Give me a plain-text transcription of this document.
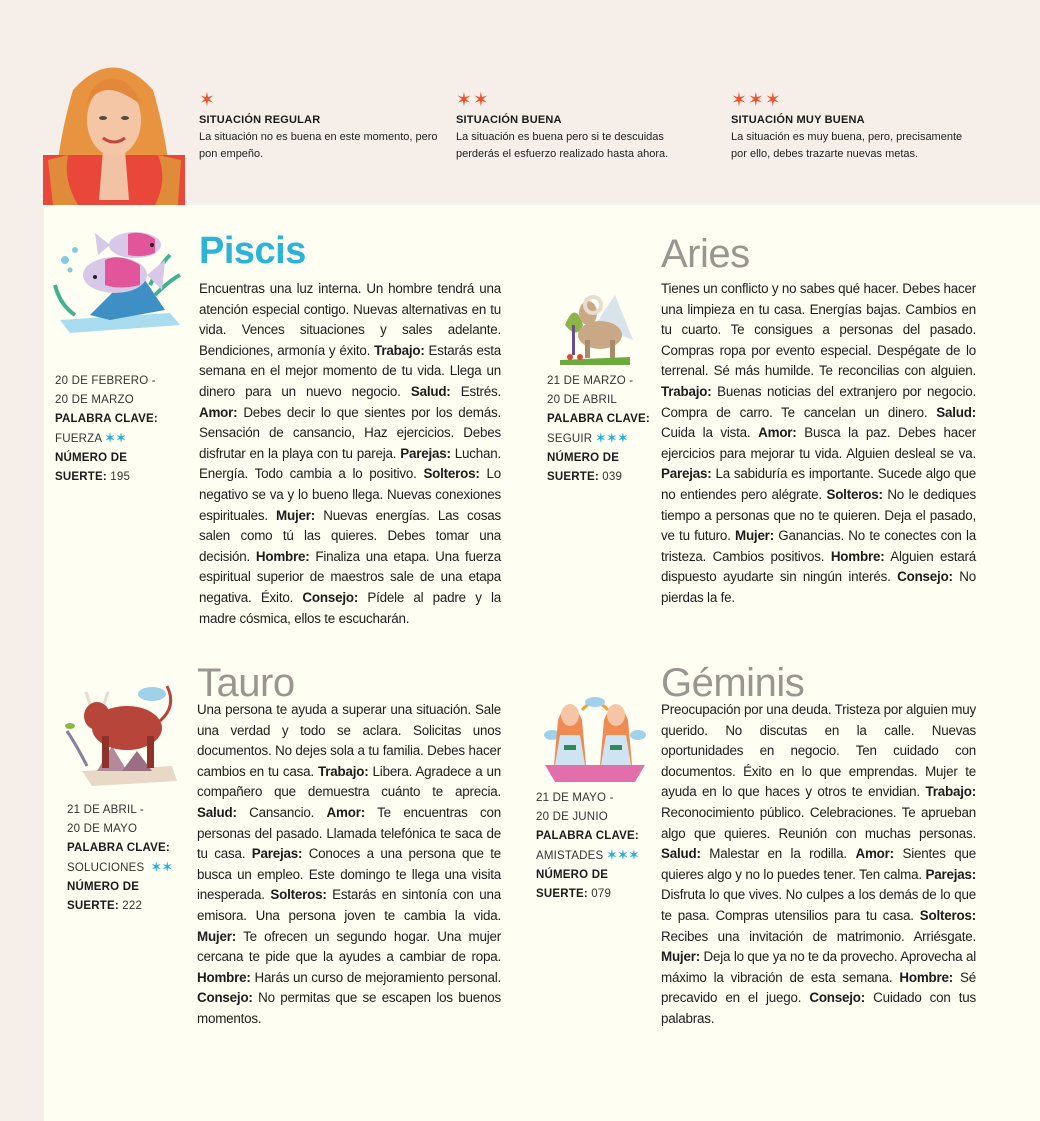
✶
SITUACIÓN REGULAR
La situación no es buena en este momento, pero pon empeño.
✶✶
SITUACIÓN BUENA
La situación es buena pero si te descuidas perderás el esfuerzo realizado hasta ahora.
✶✶✶
SITUACIÓN MUY BUENA
La situación es muy buena, pero, precisamente por ello, debes trazarte nuevas metas.
20 DE FEBRERO -
20 DE MARZO
PALABRA CLAVE:
FUERZA ✶✶
NÚMERO DE
SUERTE: 195
Piscis
Encuentras una luz interna. Un hombre tendrá una atención especial contigo. Nuevas alternativas en tu vida. Vences situaciones y sales adelante. Bendiciones, armonía y éxito. Trabajo: Estarás esta semana en el mejor momento de tu vida. Llega un dinero para un nuevo negocio. Salud: Estrés. Amor: Debes decir lo que sientes por los demás. Sensación de cansancio, Haz ejercicios. Debes disfrutar en la playa con tu pareja. Parejas: Luchan. Energía. Todo cambia a lo positivo. Solteros: Lo negativo se va y lo bueno llega. Nuevas conexiones espirituales. Mujer: Nuevas energías. Las cosas salen como tú las quieres. Debes tomar una decisión. Hombre: Finaliza una etapa. Una fuerza espiritual superior de maestros sale de una etapa negativa. Éxito. Consejo: Pídele al padre y la madre cósmica, ellos te escucharán.
21 DE MARZO -
20 DE ABRIL
PALABRA CLAVE:
SEGUIR ✶✶✶
NÚMERO DE
SUERTE: 039
Aries
Tienes un conflicto y no sabes qué hacer. Debes hacer una limpieza en tu casa. Energías bajas. Cambios en tu cuarto. Te consigues a personas del pasado. Compras ropa por evento especial. Despégate de lo terrenal. Sé más humilde. Te reconcilias con alguien. Trabajo: Buenas noticias del extranjero por negocio. Compra de carro. Te cancelan un dinero. Salud: Cuida la vista. Amor: Busca la paz. Debes hacer ejercicios para mejorar tu vida. Alguien desleal se va. Parejas: La sabiduría es importante. Sucede algo que no entiendes pero alégrate. Solteros: No le dediques tiempo a personas que no te quieren. Deja el pasado, ve tu futuro. Mujer: Ganancias. No te conectes con la tristeza. Cambios positivos. Hombre: Alguien estará dispuesto ayudarte sin ningún interés. Consejo: No pierdas la fe.
21 DE ABRIL -
20 DE MAYO
PALABRA CLAVE:
SOLUCIONES ✶✶
NÚMERO DE
SUERTE: 222
Tauro
Una persona te ayuda a superar una situación. Sale una verdad y todo se aclara. Solicitas unos documentos. No dejes sola a tu familia. Debes hacer cambios en tu casa. Trabajo: Libera. Agradece a un compañero que demuestra cuánto te aprecia. Salud: Cansancio. Amor: Te encuentras con personas del pasado. Llamada telefónica te saca de tu casa. Parejas: Conoces a una persona que te busca un empleo. Este domingo te llega una visita inesperada. Solteros: Estarás en sintonía con una emisora. Una persona joven te cambia la vida. Mujer: Te ofrecen un segundo hogar. Una mujer cercana te pide que la ayudes a cambiar de ropa. Hombre: Harás un curso de mejoramiento personal. Consejo: No permitas que se escapen los buenos momentos.
21 DE MAYO -
20 DE JUNIO
PALABRA CLAVE:
AMISTADES ✶✶✶
NÚMERO DE
SUERTE: 079
Géminis
Preocupación por una deuda. Tristeza por alguien muy querido. No discutas en la calle. Nuevas oportunidades en negocio. Ten cuidado con documentos. Éxito en lo que emprendas. Mujer te ayuda en lo que haces y otros te envidian. Trabajo: Reconocimiento público. Celebraciones. Te aprueban algo que quieres. Reunión con muchas personas. Salud: Malestar en la rodilla. Amor: Sientes que quieres algo y no lo puedes tener. Ten calma. Parejas: Disfruta lo que vives. No culpes a los demás de lo que te pasa. Compras utensilios para tu casa. Solteros: Recibes una invitación de matrimonio. Arriésgate. Mujer: Deja lo que ya no te da provecho. Aprovecha al máximo la vibración de esta semana. Hombre: Sé precavido en el juego. Consejo: Cuidado con tus palabras.
